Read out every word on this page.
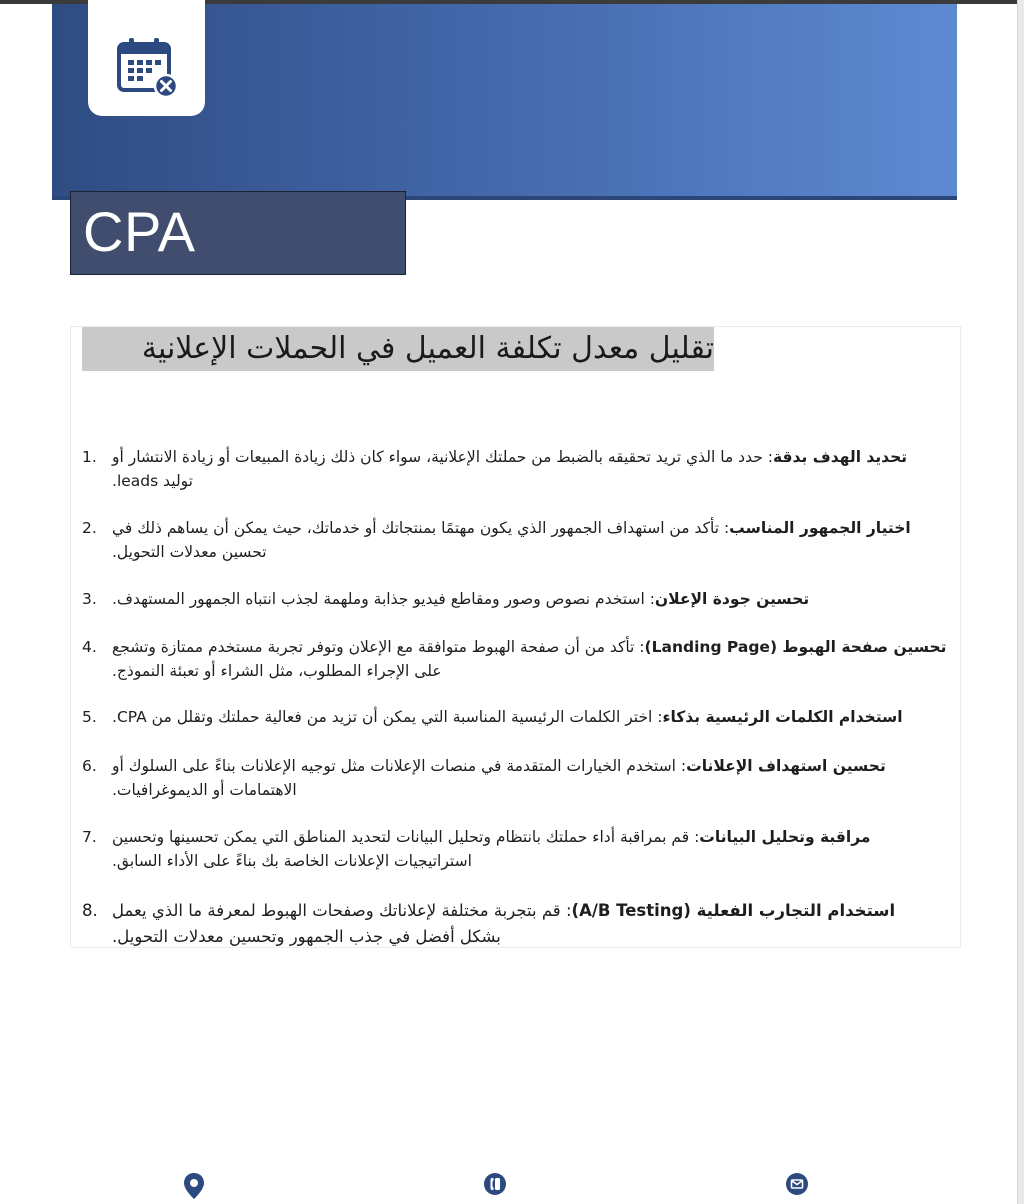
CPA
تقليل معدل تكلفة العميل في الحملات الإعلانية
1.	تحديد الهدف بدقة: حدد ما الذي تريد تحقيقه بالضبط من حملتك الإعلانية، سواء كان ذلك زيادة المبيعات أو زيادة الانتشار أو
توليد leads.
2.	اختيار الجمهور المناسب: تأكد من استهداف الجمهور الذي يكون مهتمًا بمنتجاتك أو خدماتك، حيث يمكن أن يساهم ذلك في
تحسين معدلات التحويل.
3.	تحسين جودة الإعلان: استخدم نصوص وصور ومقاطع فيديو جذابة وملهمة لجذب انتباه الجمهور المستهدف.
4.	تحسين صفحة الهبوط (Landing Page): تأكد من أن صفحة الهبوط متوافقة مع الإعلان وتوفر تجربة مستخدم ممتازة وتشجع
على الإجراء المطلوب، مثل الشراء أو تعبئة النموذج.
5.	استخدام الكلمات الرئيسية بذكاء: اختر الكلمات الرئيسية المناسبة التي يمكن أن تزيد من فعالية حملتك وتقلل من CPA.
6.	تحسين استهداف الإعلانات: استخدم الخيارات المتقدمة في منصات الإعلانات مثل توجيه الإعلانات بناءً على السلوك أو
الاهتمامات أو الديموغرافيات.
7.	مراقبة وتحليل البيانات: قم بمراقبة أداء حملتك بانتظام وتحليل البيانات لتحديد المناطق التي يمكن تحسينها وتحسين
استراتيجيات الإعلانات الخاصة بك بناءً على الأداء السابق.
8.	استخدام التجارب الفعلية (A/B Testing): قم بتجربة مختلفة لإعلاناتك وصفحات الهبوط لمعرفة ما الذي يعمل
بشكل أفضل في جذب الجمهور وتحسين معدلات التحويل.
